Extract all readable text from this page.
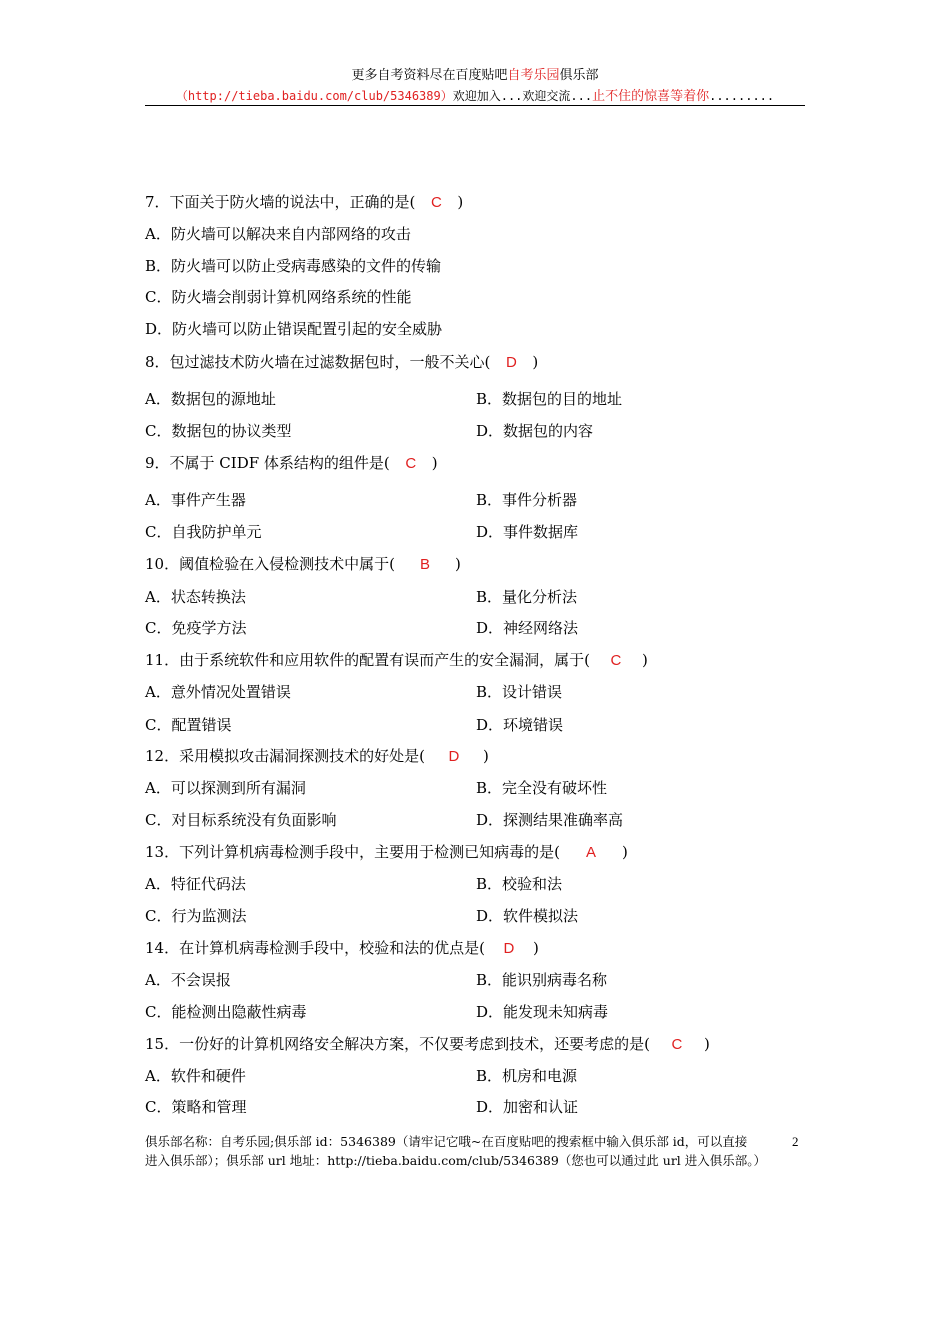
更多自考资料尽在百度贴吧自考乐园俱乐部
（http://tieba.baidu.com/club/5346389）欢迎加入...欢迎交流...止不住的惊喜等着你.........
7．下面关于防火墙的说法中，正确的是( C )
A．防火墙可以解决来自内部网络的攻击
B．防火墙可以防止受病毒感染的文件的传输
C．防火墙会削弱计算机网络系统的性能
D．防火墙可以防止错误配置引起的安全威胁
8．包过滤技术防火墙在过滤数据包时，一般不关心( D )
A．数据包的源地址	B．数据包的目的地址
C．数据包的协议类型	D．数据包的内容
9．不属于 CIDF 体系结构的组件是( C )
A．事件产生器	B．事件分析器
C．自我防护单元	D．事件数据库
10．阈值检验在入侵检测技术中属于( B )
A．状态转换法	B．量化分析法
C．免疫学方法	D．神经网络法
11．由于系统软件和应用软件的配置有误而产生的安全漏洞，属于( C )
A．意外情况处置错误	B．设计错误
C．配置错误	D．环境错误
12．采用模拟攻击漏洞探测技术的好处是( D )
A．可以探测到所有漏洞	B．完全没有破坏性
C．对目标系统没有负面影响	D．探测结果准确率高
13．下列计算机病毒检测手段中，主要用于检测已知病毒的是( A )
A．特征代码法	B．校验和法
C．行为监测法	D．软件模拟法
14．在计算机病毒检测手段中，校验和法的优点是( D )
A．不会误报	B．能识别病毒名称
C．能检测出隐蔽性病毒	D．能发现未知病毒
15．一份好的计算机网络安全解决方案，不仅要考虑到技术，还要考虑的是( C )
A．软件和硬件	B．机房和电源
C．策略和管理	D．加密和认证
俱乐部名称：自考乐园;俱乐部 id：5346389（请牢记它哦~在百度贴吧的搜索框中输入俱乐部 id，可以直接
进入俱乐部）；俱乐部 url 地址：http://tieba.baidu.com/club/5346389（您也可以通过此 url 进入俱乐部。）
2
